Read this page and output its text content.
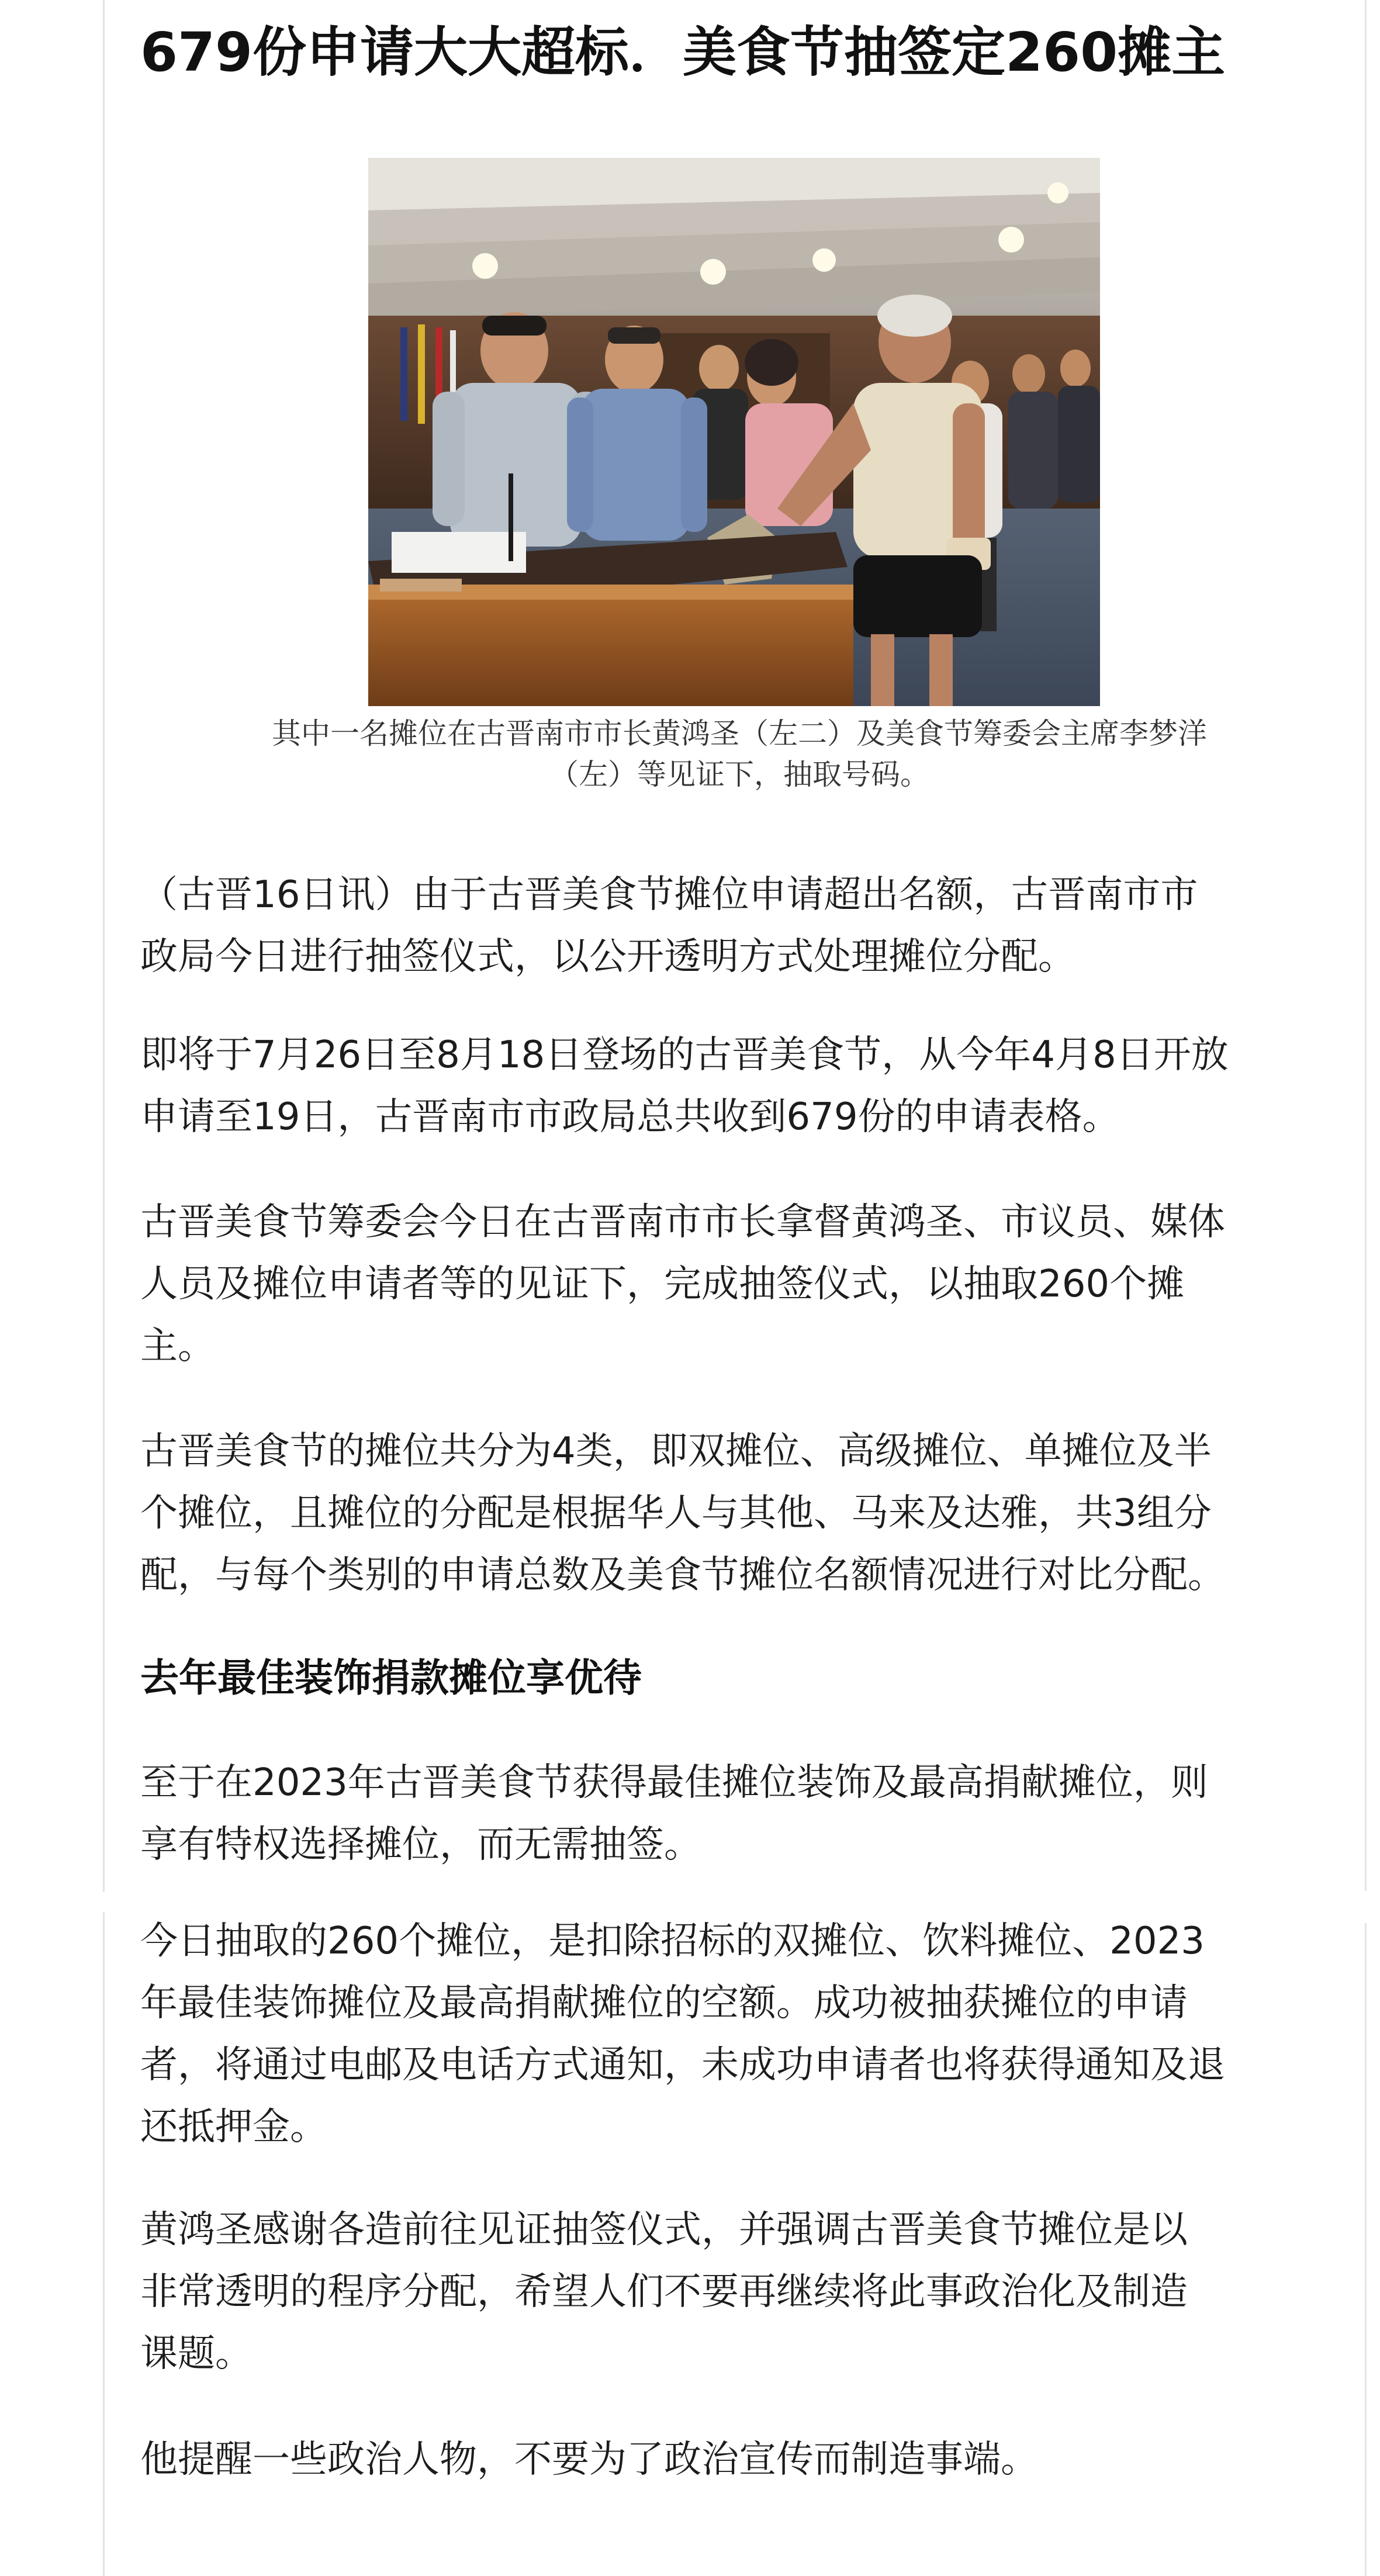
679份申请大大超标．美食节抽签定260摊主
其中一名摊位在古晋南市市长黄鸿圣（左二）及美食节筹委会主席李梦洋
（左）等见证下，抽取号码。

（古晋16日讯）由于古晋美食节摊位申请超出名额，古晋南市市
政局今日进行抽签仪式，以公开透明方式处理摊位分配。

即将于7月26日至8月18日登场的古晋美食节，从今年4月8日开放
申请至19日，古晋南市市政局总共收到679份的申请表格。

古晋美食节筹委会今日在古晋南市市长拿督黄鸿圣、市议员、媒体
人员及摊位申请者等的见证下，完成抽签仪式，以抽取260个摊
主。

古晋美食节的摊位共分为4类，即双摊位、高级摊位、单摊位及半
个摊位，且摊位的分配是根据华人与其他、马来及达雅，共3组分
配，与每个类别的申请总数及美食节摊位名额情况进行对比分配。

去年最佳装饰捐款摊位享优待

至于在2023年古晋美食节获得最佳摊位装饰及最高捐献摊位，则
享有特权选择摊位，而无需抽签。

今日抽取的260个摊位，是扣除招标的双摊位、饮料摊位、2023
年最佳装饰摊位及最高捐献摊位的空额。成功被抽获摊位的申请
者，将通过电邮及电话方式通知，未成功申请者也将获得通知及退
还抵押金。

黄鸿圣感谢各造前往见证抽签仪式，并强调古晋美食节摊位是以
非常透明的程序分配，希望人们不要再继续将此事政治化及制造
课题。

他提醒一些政治人物，不要为了政治宣传而制造事端。
